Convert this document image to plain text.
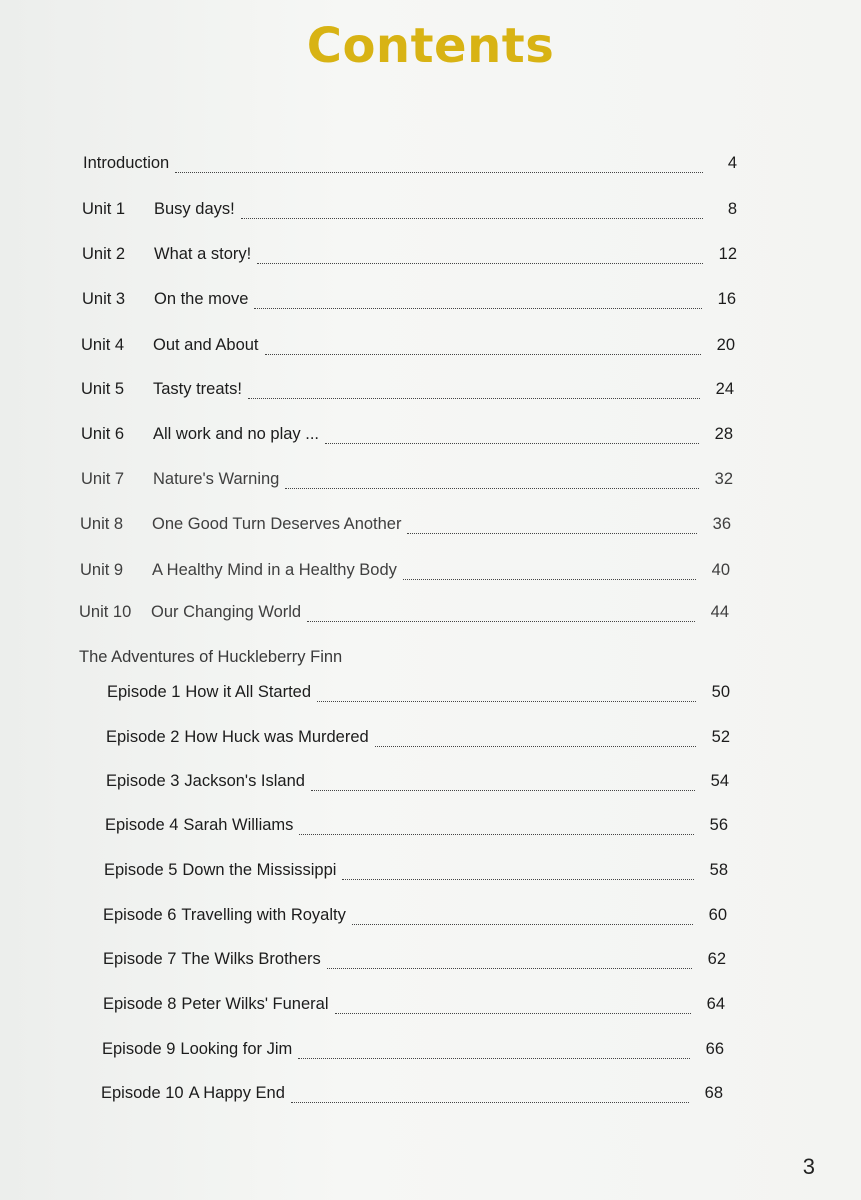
Contents
Introduction	4
Unit 1	Busy days!	8
Unit 2	What a story!	12
Unit 3	On the move	16
Unit 4	Out and About	20
Unit 5	Tasty treats!	24
Unit 6	All work and no play ...	28
Unit 7	Nature's Warning	32
Unit 8	One Good Turn Deserves Another	36
Unit 9	A Healthy Mind in a Healthy Body	40
Unit 10	Our Changing World	44
The Adventures of Huckleberry Finn
Episode 1 How it All Started	50
Episode 2 How Huck was Murdered	52
Episode 3 Jackson's Island	54
Episode 4 Sarah Williams	56
Episode 5 Down the Mississippi	58
Episode 6 Travelling with Royalty	60
Episode 7 The Wilks Brothers	62
Episode 8 Peter Wilks' Funeral	64
Episode 9 Looking for Jim	66
Episode 10 A Happy End	68
3
